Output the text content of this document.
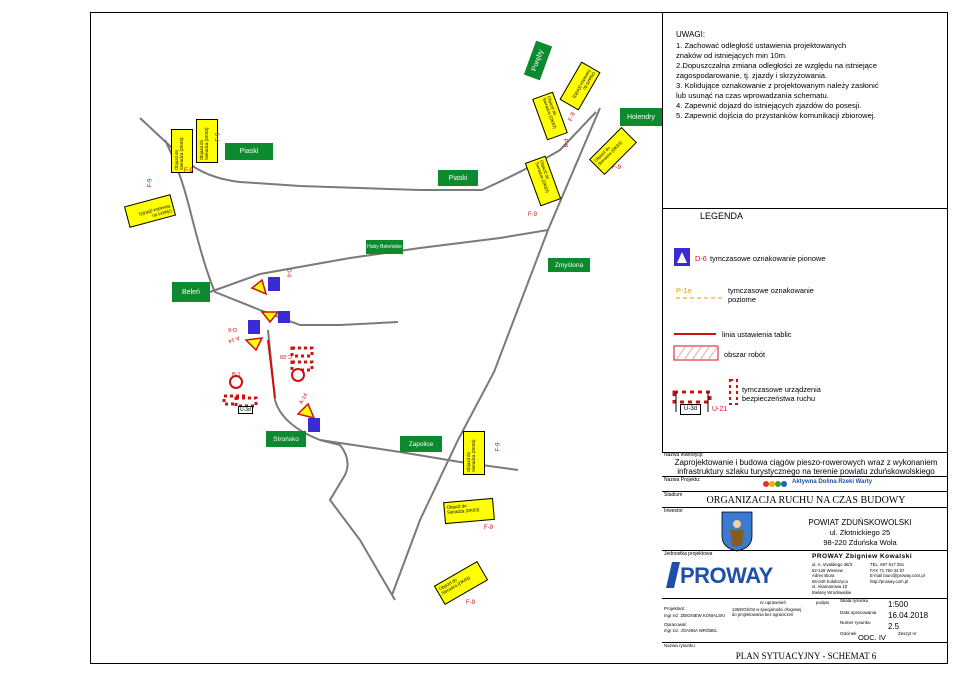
Piaski
Piaski
Holendry
Poręby
Huby Beleńskie
Zmyślona
Beleń
Strońsko
Zapolice
Objazd do
Sieradza (DK83)
Objazd do
Sieradza (DK83)
Objazd do
Sieradza (DK83)
Objazd do
Sieradza (DK83)
Objazd do
Sieradza (DK83)
Objazd do
Sieradza (DK83)
Objazd do
Sieradza (DK83)
Objazd do
Sieradza (DK83)
Objazd do
Sieradza (DK83)
Objazd do
Sieradza (DK83)
F-9
F-9
F-9
F-9
F-9
F-9
F-9
F-9
F-9
F-9
A-14
D-6
A-14
D-6
B-1
C-20
U-3d
UWAGI:
1. Zachować odległość ustawienia projektowanych
znaków od istniejących min 10m.
2.Dopuszczalna zmiana odległości ze względu na istniejące
zagospodarowanie, tj. zjazdy i skrzyżowania.
3. Kolidujące oznakowanie z projektowanym należy zasłonić
lub usunąć na czas wprowadzania schematu.
4. Zapewnić dojazd do istniejących zjazdów do posesji.
5. Zapewnić dojścia do przystanków komunikacji zbiorowej.
LEGENDA
D-6 tymczasowe oznakowanie pionowe
P-1e	tymczasowe oznakowanie
poziome
linia ustawienia tablic
obszar robót
U-3d	U-21
tymczasowe urządzenia
bezpieczeństwa ruchu
Nazwa inwestycji:
Zaprojektowanie i budowa ciągów pieszo-rowerowych wraz z wykonaniem
infrastruktury szlaku turystycznego na terenie powiatu zduńskowolskiego
Nazwa Projektu:	Aktywna Dolina Rzeki Warty
Stadium	ORGANIZACJA RUCHU NA CZAS BUDOWY
Inwestor
POWIAT ZDUŃSKOWOLSKI
ul. Złotnickiego 25
98-220 Zduńska Wola
Jednostka projektowa
PROWAY
PROWAY Zbigniew Kowalski
ul. A. Vivaldiego 38/3
62-129 Wieniew
Adres Biura
65-040 Kołobrzyca
ul. Akamanowa 10
Bielany Wrocławskie
TEL. 697 917 251
FAX 71 750 34 67
E-mail biuro@proway.com.pl
http://proway.com.pl
nr uprawnień	podpis
Data opracowania
Skala rysunku 1:500
16.04.2018
Projektant :
mgr inż. ZBIGNIEW KOWALSKI
136/DOŚ/04 w specjalności drogowej
do projektowania bez ograniczeń
Opracował:
mgr inż. JOANNA WRÓBEL
Numer rysunku 2.5
Odcinek ODC. IV	Zeszyt nr
Nazwa rysunku
PLAN SYTUACYJNY - SCHEMAT 6
